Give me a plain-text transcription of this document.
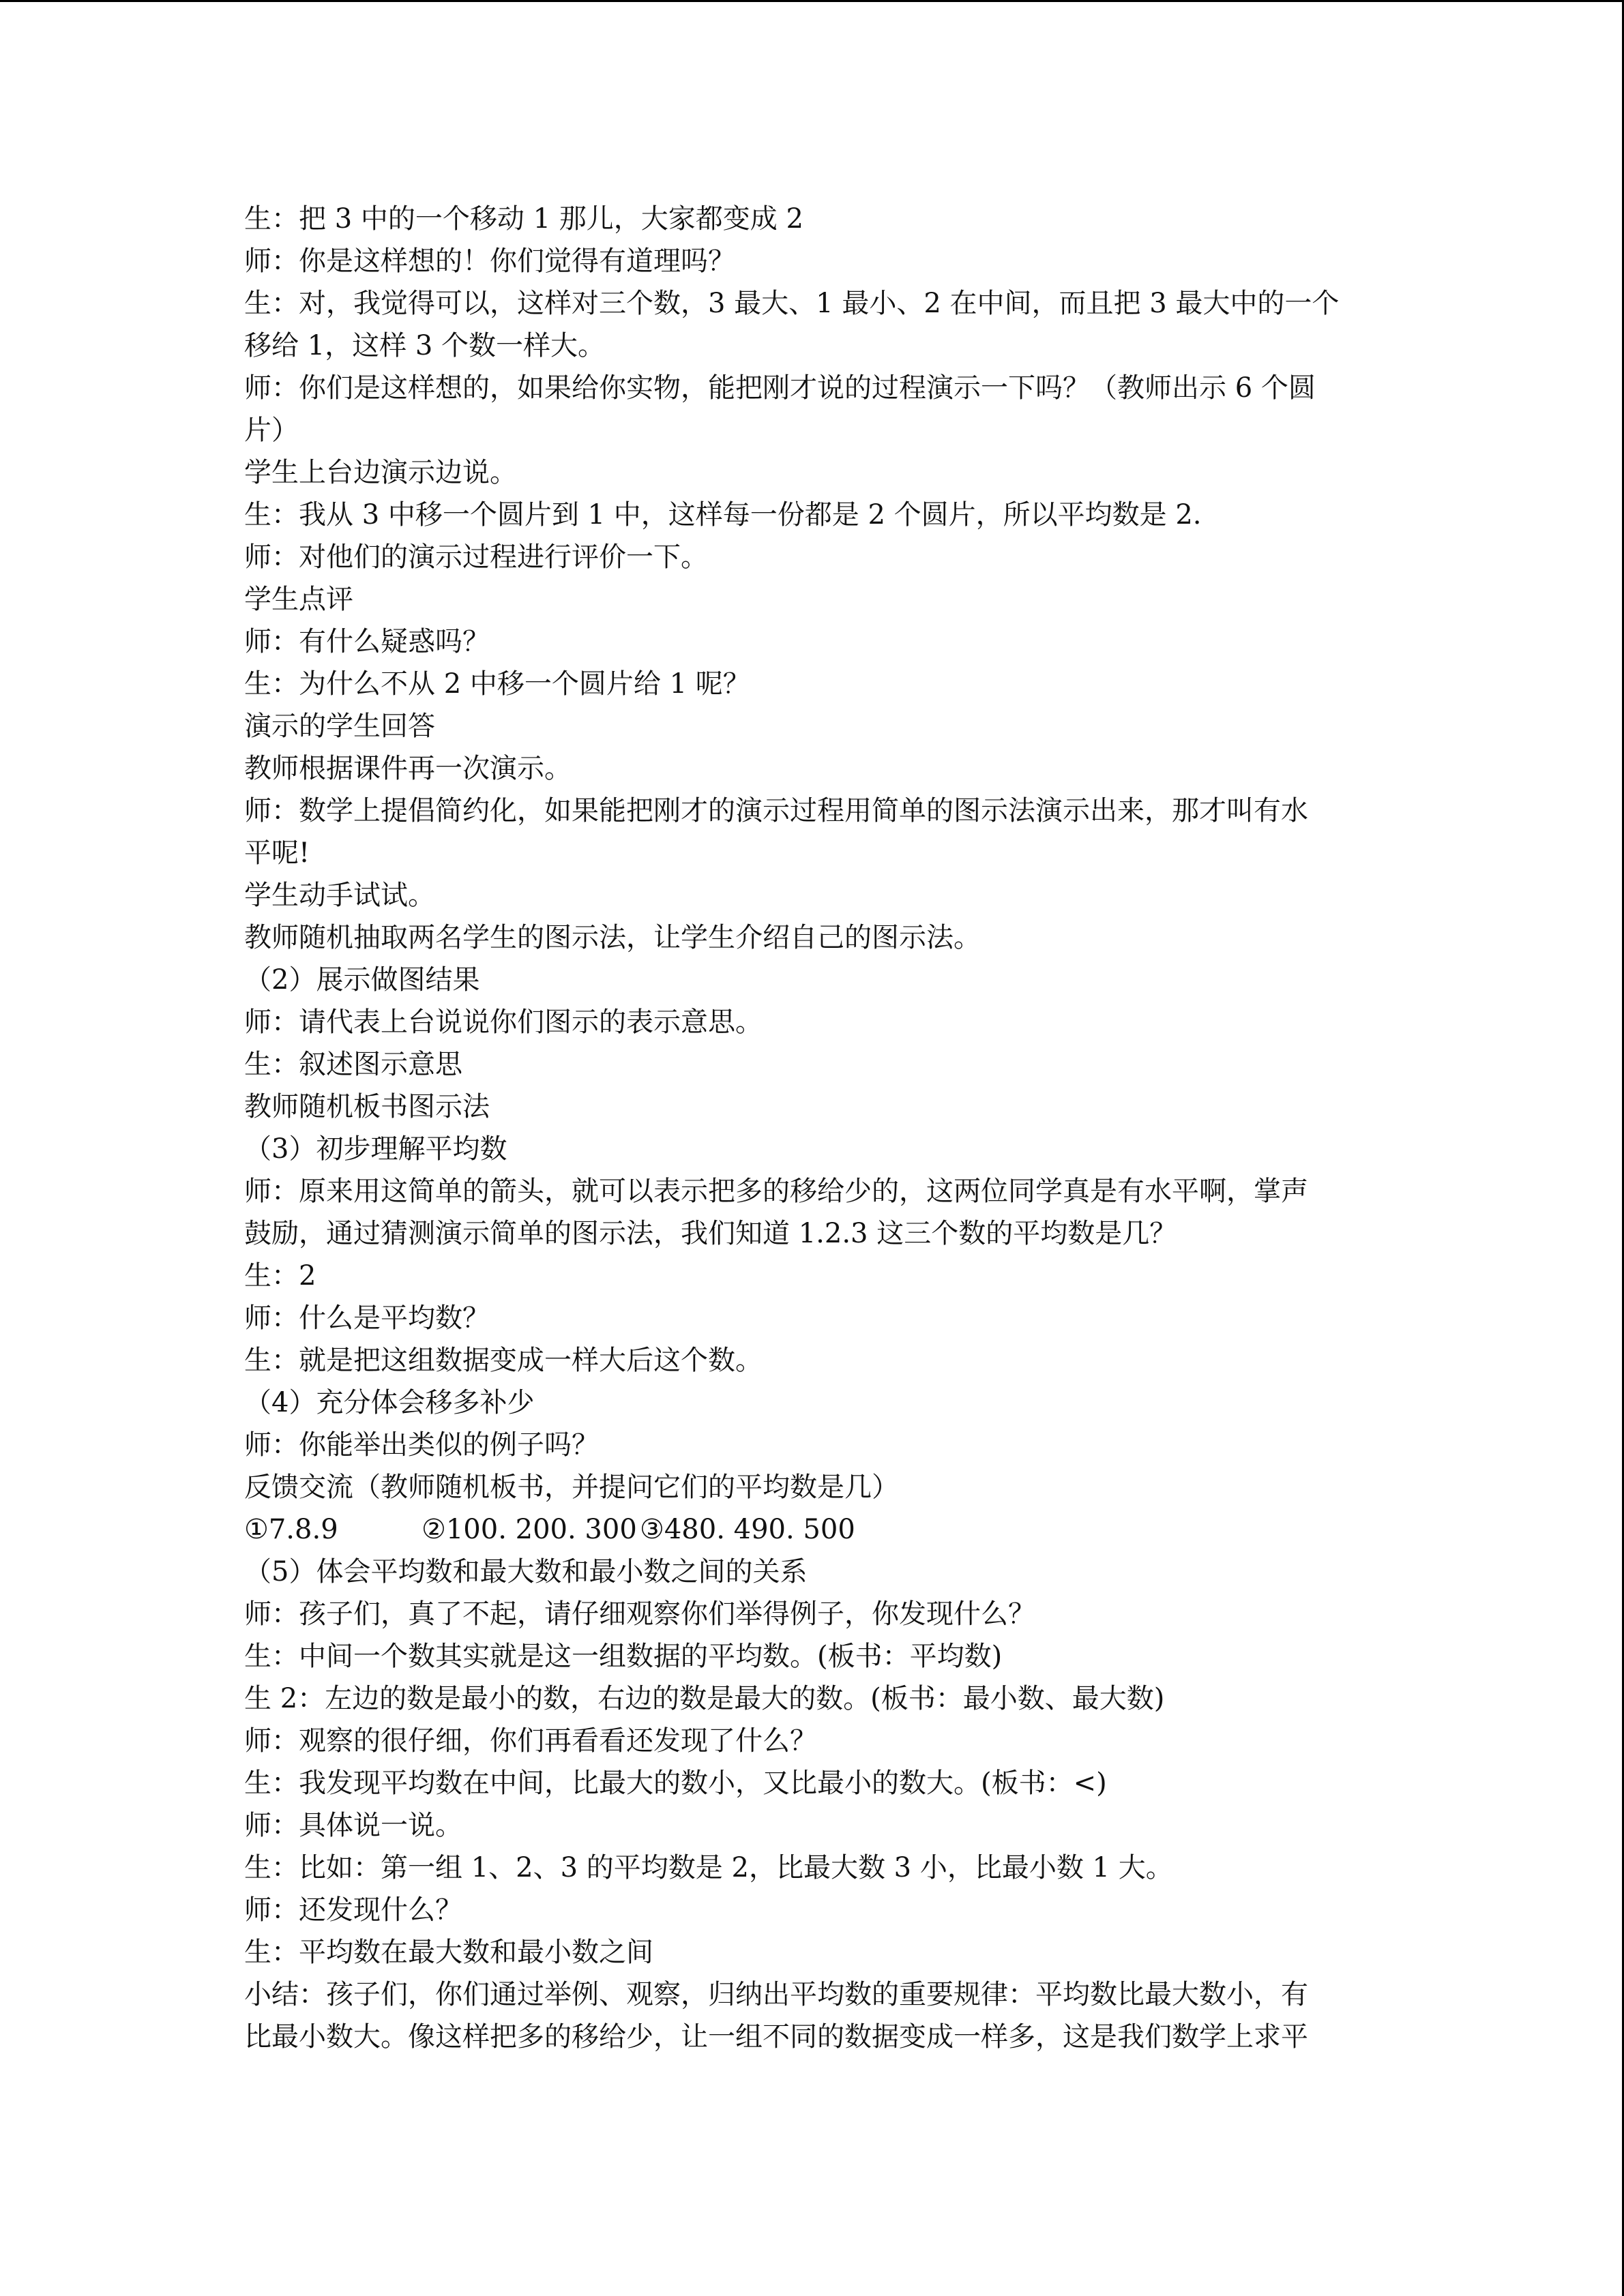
生：把 3 中的一个移动 1 那儿，大家都变成 2
师：你是这样想的！你们觉得有道理吗？
生：对，我觉得可以，这样对三个数，3 最大、1 最小、2 在中间，而且把 3 最大中的一个
移给 1，这样 3 个数一样大。
师：你们是这样想的，如果给你实物，能把刚才说的过程演示一下吗？（教师出示 6 个圆
片）
学生上台边演示边说。
生：我从 3 中移一个圆片到 1 中，这样每一份都是 2 个圆片，所以平均数是 2.
师：对他们的演示过程进行评价一下。
学生点评
师：有什么疑惑吗？
生：为什么不从 2 中移一个圆片给 1 呢？
演示的学生回答
教师根据课件再一次演示。
师：数学上提倡简约化，如果能把刚才的演示过程用简单的图示法演示出来，那才叫有水
平呢!
学生动手试试。
教师随机抽取两名学生的图示法，让学生介绍自己的图示法。
（2）展示做图结果
师：请代表上台说说你们图示的表示意思。
生：叙述图示意思
教师随机板书图示法
（3）初步理解平均数
师：原来用这简单的箭头，就可以表示把多的移给少的，这两位同学真是有水平啊，掌声
鼓励，通过猜测演示简单的图示法，我们知道 1.2.3 这三个数的平均数是几？
生：2
师：什么是平均数？
生：就是把这组数据变成一样大后这个数。
（4）充分体会移多补少
师：你能举出类似的例子吗？
反馈交流（教师随机板书，并提问它们的平均数是几）
①7.8.9	②100. 200. 300 ③480. 490. 500
（5）体会平均数和最大数和最小数之间的关系
师：孩子们，真了不起，请仔细观察你们举得例子，你发现什么？
生：中间一个数其实就是这一组数据的平均数。(板书：平均数)
生 2：左边的数是最小的数，右边的数是最大的数。(板书：最小数、最大数)
师：观察的很仔细，你们再看看还发现了什么？
生：我发现平均数在中间，比最大的数小，又比最小的数大。(板书：<)
师：具体说一说。
生：比如：第一组 1、2、3 的平均数是 2，比最大数 3 小，比最小数 1 大。
师：还发现什么？
生：平均数在最大数和最小数之间
小结：孩子们，你们通过举例、观察，归纳出平均数的重要规律：平均数比最大数小，有
比最小数大。像这样把多的移给少，让一组不同的数据变成一样多，这是我们数学上求平
